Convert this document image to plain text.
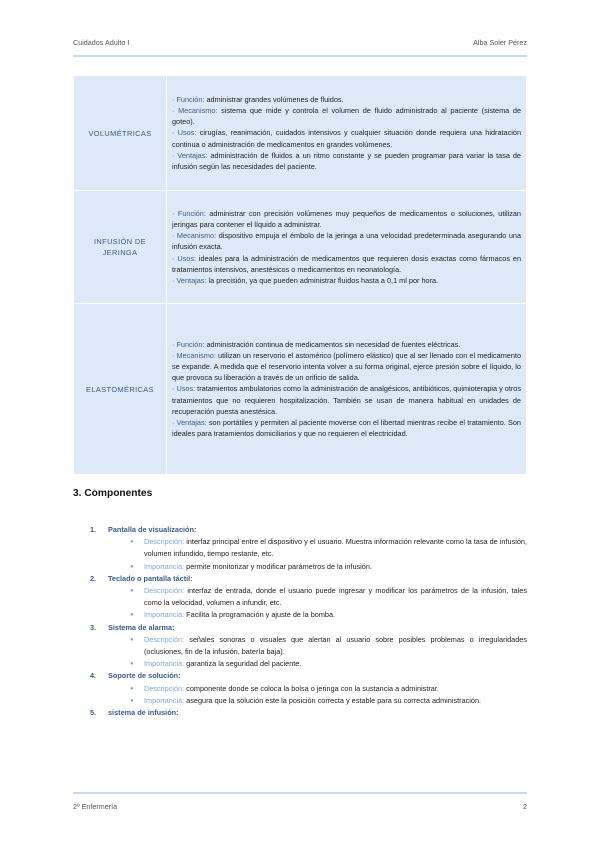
Cuidados Adulto I	Alba Soler Pérez
VOLUMÉTRICAS	· Función: administrar grandes volúmenes de fluidos.
· Mecanismo: sistema que mide y controla el volumen de fluido administrado al paciente (sistema de goteo).
· Usos: cirugías, reanimación, cuidados intensivos y cualquier situación donde requiera una hidratación continua o administración de medicamentos en grandes volúmenes.
· Ventajas: administración de fluidos a un ritmo constante y se pueden programar para variar la tasa de infusión según las necesidades del paciente.

INFUSIÓN DE
JERINGA	· Función: administrar con precisión volúmenes muy pequeños de medicamentos o soluciones, utilizan jeringas para contener el líquido a administrar.
· Mecanismo: dispositivo empuja el émbolo de la jeringa a una velocidad predeterminada asegurando una infusión exacta.
· Usos: ideales para la administración de medicamentos que requieren dosis exactas como fármacos en tratamientos intensivos, anestésicos o medicamentos en neonatología.
· Ventajas: la precisión, ya que pueden administrar fluidos hasta a 0,1 ml por hora.

ELASTOMÉRICAS	· Función: administración continua de medicamentos sin necesidad de fuentes eléctricas.
· Mecanismo: utilizan un reservorio el astomérico (polímero elástico) que al ser llenado con el medicamento se expande. A medida que el reservorio intenta volver a su forma original, ejerce presión sobre el líquido, lo que provoca su liberación a través de un orificio de salida.
· Usos: tratamientos ambulatorios como la administración de analgésicos, antibióticos, quimioterapia y otros tratamientos que no requieren hospitalización. También se usan de manera habitual en unidades de recuperación puesta anestésica.
· Ventajas: son portátiles y permiten al paciente moverse con el libertad mientras recibe el tratamiento. Son ideales para tratamientos domiciliarios y que no requieren el electricidad.
3. Componentes
1. Pantalla de visualización:
● Descripción: interfaz principal entre el dispositivo y el usuario. Muestra información relevante como la tasa de infusión, volumen infundido, tiempo restante, etc.
● Importancia: permite monitorizar y modificar parámetros de la infusión.
2. Teclado o pantalla táctil:
● Descripción: interfaz de entrada, donde el usuario puede ingresar y modificar los parámetros de la infusión, tales como la velocidad, volumen a infundir, etc.
● Importancia: Facilita la programación y ajuste de la bomba.
3. Sistema de alarma:
● Descripción: señales sonoras o visuales que alertan al usuario sobre posibles problemas o irregularidades (oclusiones, fin de la infusión, batería baja).
● Importancia: garantiza la seguridad del paciente.
4. Soporte de solución:
● Descripción: componente donde se coloca la bolsa o jeringa con la sustancia a administrar.
● Importancia: asegura que la solución este la posición correcta y estable para su correcta administración.
5. sistema de infusión:
2º Enfermería	2
